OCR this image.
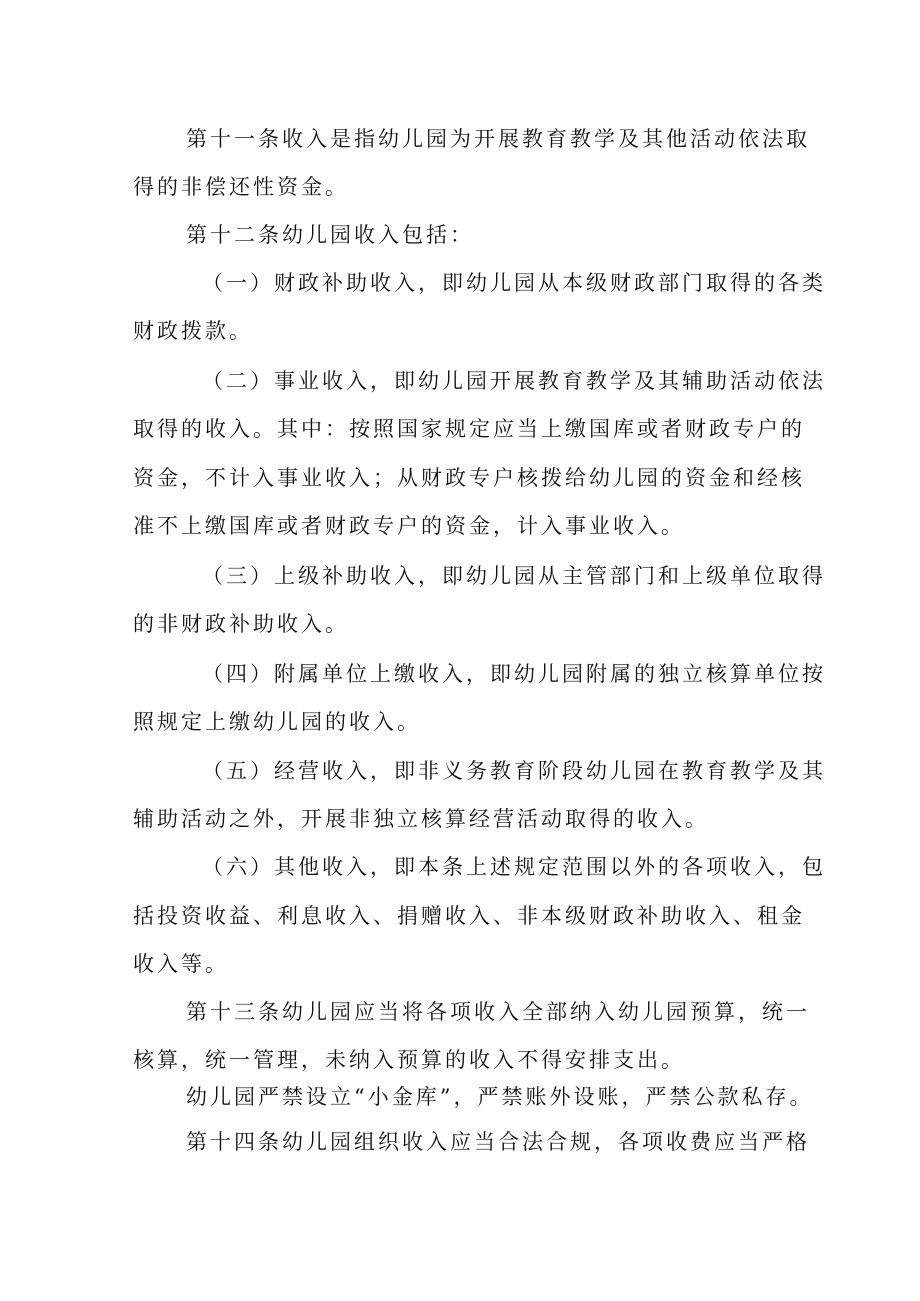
第十一条收入是指幼儿园为开展教育教学及其他活动依法取
得的非偿还性资金。
第十二条幼儿园收入包括：
（一）财政补助收入，即幼儿园从本级财政部门取得的各类
财政拨款。
（二）事业收入，即幼儿园开展教育教学及其辅助活动依法
取得的收入。其中：按照国家规定应当上缴国库或者财政专户的
资金，不计入事业收入；从财政专户核拨给幼儿园的资金和经核
准不上缴国库或者财政专户的资金，计入事业收入。
（三）上级补助收入，即幼儿园从主管部门和上级单位取得
的非财政补助收入。
（四）附属单位上缴收入，即幼儿园附属的独立核算单位按
照规定上缴幼儿园的收入。
（五）经营收入，即非义务教育阶段幼儿园在教育教学及其
辅助活动之外，开展非独立核算经营活动取得的收入。
（六）其他收入，即本条上述规定范围以外的各项收入，包
括投资收益、利息收入、捐赠收入、非本级财政补助收入、租金
收入等。
第十三条幼儿园应当将各项收入全部纳入幼儿园预算，统一
核算，统一管理，未纳入预算的收入不得安排支出。
幼儿园严禁设立“小金库”，严禁账外设账，严禁公款私存。
第十四条幼儿园组织收入应当合法合规，各项收费应当严格
